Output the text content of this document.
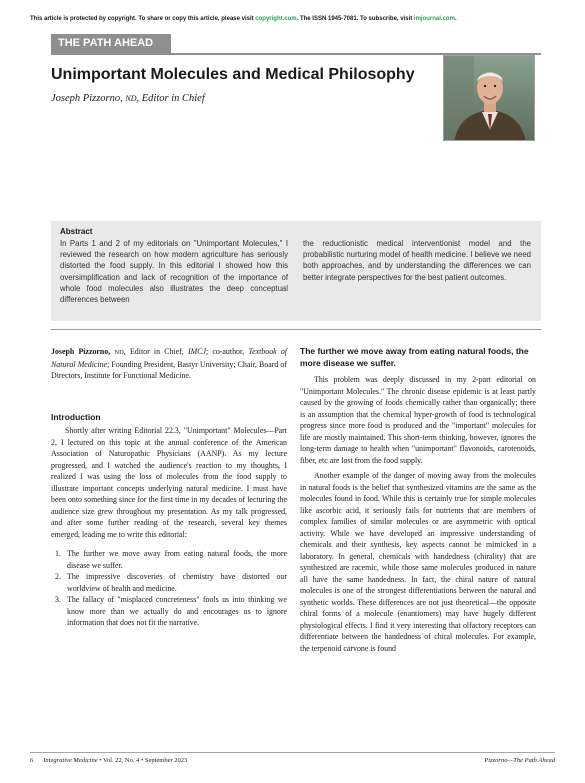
This article is protected by copyright. To share or copy this article, please visit copyright.com. The ISSN 1945-7081. To subscribe, visit imjournal.com.
THE PATH AHEAD
Unimportant Molecules and Medical Philosophy
Joseph Pizzorno, ND, Editor in Chief
Abstract
In Parts 1 and 2 of my editorials on "Unimportant Molecules," I reviewed the research on how modern agriculture has seriously distorted the food supply. In this editorial I showed how this oversimplification and lack of recognition of the importance of whole food molecules also illustrates the deep conceptual differences between
the reductionistic medical interventionist model and the probabilistic nurturing model of health medicine. I believe we need both approaches, and by understanding the differences we can better integrate perspectives for the best patient outcomes.
Joseph Pizzorno, ND, Editor in Chief, IMCJ; co-author, Textbook of Natural Medicine; Founding President, Bastyr University; Chair, Board of Directors, Institute for Functional Medicine.
Introduction
Shortly after writing Editorial 22.3, "Unimportant" Molecules—Part 2, I lectured on this topic at the annual conference of the American Association of Naturopathic Physicians (AANP). As my lecture progressed, and I watched the audience's reaction to my thoughts, I realized I was using the loss of molecules from the food supply to illustrate important concepts underlying natural medicine. I must have been onto something since for the first time in my decades of lecturing the audience size grew throughout my presentation. As my talk progressed, and after some further reading of the research, several key themes emerged, leading me to write this editorial:
1. The further we move away from eating natural foods, the more disease we suffer.
2. The impressive discoveries of chemistry have distorted our worldview of health and medicine.
3. The fallacy of "misplaced concreteness" fools us into thinking we know more than we actually do and encourages us to ignore information that does not fit the narrative.
The further we move away from eating natural foods, the more disease we suffer.
This problem was deeply discussed in my 2-part editorial on "Unimportant Molecules." The chronic disease epidemic is at least partly caused by the growing of foods chemically rather than organically; there is an assumption that the chemical hyper-growth of food is technological progress since more food is produced and the "important" molecules for life are mostly maintained. This short-term thinking, however, ignores the long-term damage to health when "unimportant" flavonoids, carotenoids, fiber, etc are lost from the food supply.
Another example of the danger of moving away from the molecules in natural foods is the belief that synthesized vitamins are the same as the molecules found in food. While this is certainly true for simple molecules like ascorbic acid, it seriously fails for nutrients that are members of complex families of similar molecules or are asymmetric with optical activity. While we have developed an impressive understanding of chemicals and their synthesis, key aspects cannot be mimicked in a laboratory. In general, chemicals with handedness (chirality) that are synthesized are racemic, while those same molecules produced in nature all have the same handedness. In fact, the chiral nature of natural molecules is one of the strongest differentiations between the natural and synthetic worlds. These differences are not just theoretical—the opposite chiral forms of a molecule (enantiomers) may have hugely different physiological effects. I find it very interesting that olfactory receptors can differentiate between the handedness of chiral molecules. For example, the terpenoid carvone is found
6 Integrative Medicine • Vol. 22, No. 4 • September 2023	Pizzorno—The Path Ahead
